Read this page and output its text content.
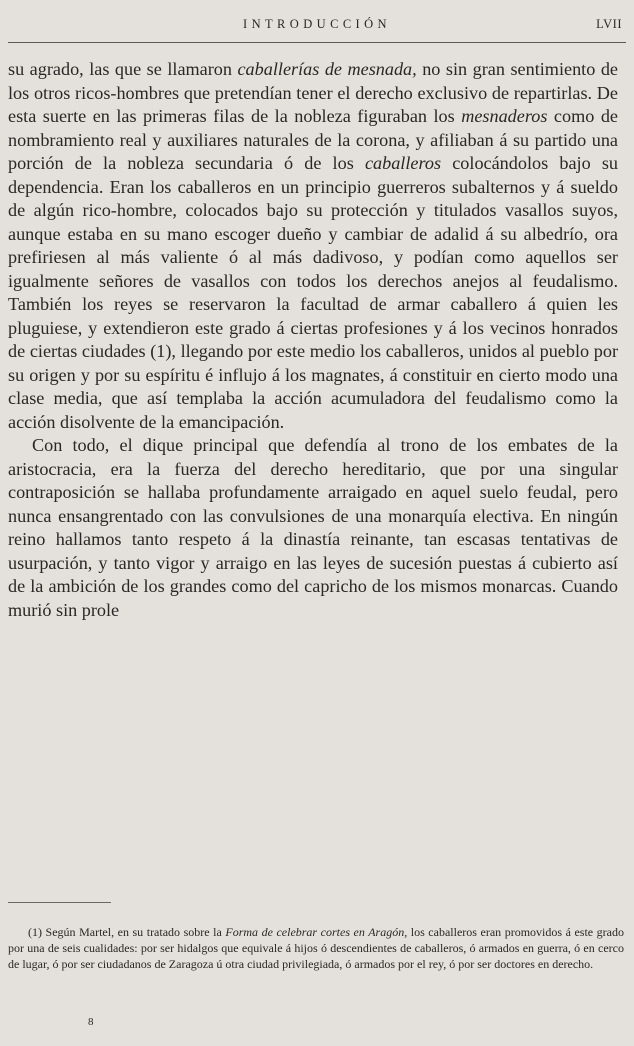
INTRODUCCIÓN	LVII

su agrado, las que se llamaron caballerías de mesnada, no sin gran sentimiento de los otros ricos-hombres que pretendían tener el derecho exclusivo de repartirlas. De esta suerte en las primeras filas de la nobleza figuraban los mesnaderos como de nombramiento real y auxiliares naturales de la corona, y afiliaban á su partido una porción de la nobleza secundaria ó de los caballeros colocándolos bajo su dependencia. Eran los caballeros en un principio guerreros subalternos y á sueldo de algún rico-hombre, colocados bajo su protección y titulados vasallos suyos, aunque estaba en su mano escoger dueño y cambiar de adalid á su albedrío, ora prefiriesen al más valiente ó al más dadivoso, y podían como aquellos ser igualmente señores de vasallos con todos los derechos anejos al feudalismo. También los reyes se reservaron la facultad de armar caballero á quien les pluguiese, y extendieron este grado á ciertas profesiones y á los vecinos honrados de ciertas ciudades (1), llegando por este medio los caballeros, unidos al pueblo por su origen y por su espíritu é influjo á los magnates, á constituir en cierto modo una clase media, que así templaba la acción acumuladora del feudalismo como la acción disolvente de la emancipación.

Con todo, el dique principal que defendía al trono de los embates de la aristocracia, era la fuerza del derecho hereditario, que por una singular contraposición se hallaba profundamente arraigado en aquel suelo feudal, pero nunca ensangrentado con las convulsiones de una monarquía electiva. En ningún reino hallamos tanto respeto á la dinastía reinante, tan escasas tentativas de usurpación, y tanto vigor y arraigo en las leyes de sucesión puestas á cubierto así de la ambición de los grandes como del capricho de los mismos monarcas. Cuando murió sin prole

(1) Según Martel, en su tratado sobre la Forma de celebrar cortes en Aragón, los caballeros eran promovidos á este grado por una de seis cualidades: por ser hidalgos que equivale á hijos ó descendientes de caballeros, ó armados en guerra, ó en cerco de lugar, ó por ser ciudadanos de Zaragoza ú otra ciudad privilegiada, ó armados por el rey, ó por ser doctores en derecho.

8
